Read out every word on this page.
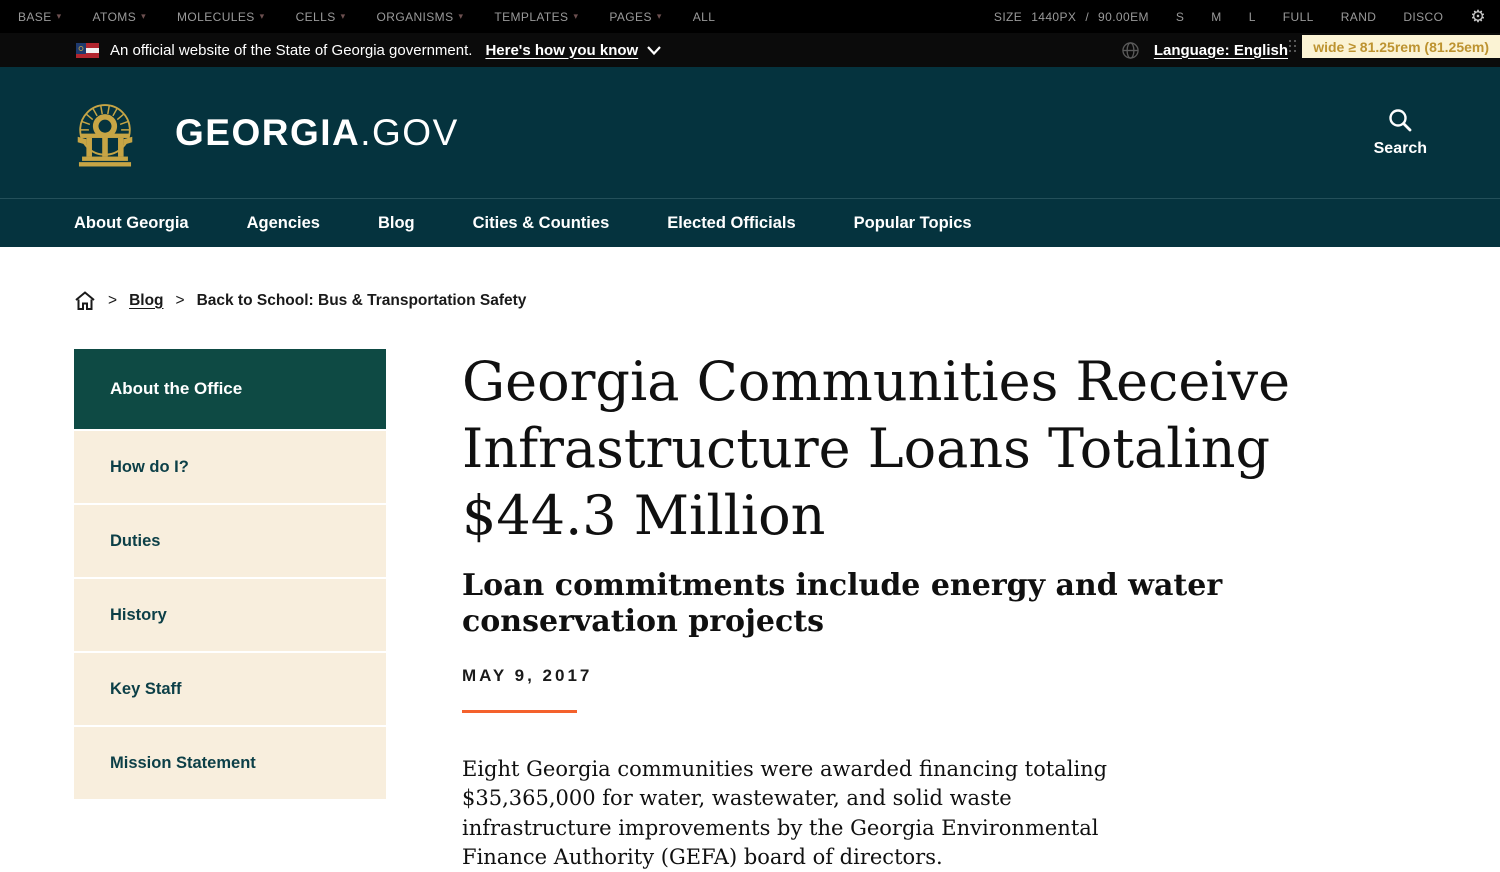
BASE ▾	ATOMS ▾	MOLECULES ▾	CELLS ▾	ORGANISMS ▾	TEMPLATES ▾	PAGES ▾	ALL	SIZE 1440PX / 90.00EM S M L FULL RAND DISCO ⚙
An official website of the State of Georgia government. Here's how you know	Language: English	wide ≥ 81.25rem (81.25em)
GEORGIA.GOV	Search
About Georgia	Agencies	Blog	Cities & Counties	Elected Officials	Popular Topics
> Blog > Back to School: Bus & Transportation Safety
About the Office
How do I?
Duties
History
Key Staff
Mission Statement
Georgia Communities Receive Infrastructure Loans Totaling $44.3 Million
Loan commitments include energy and water conservation projects
MAY 9, 2017

Eight Georgia communities were awarded financing totaling $35,365,000 for water, wastewater, and solid waste infrastructure improvements by the Georgia Environmental Finance Authority (GEFA) board of directors.
